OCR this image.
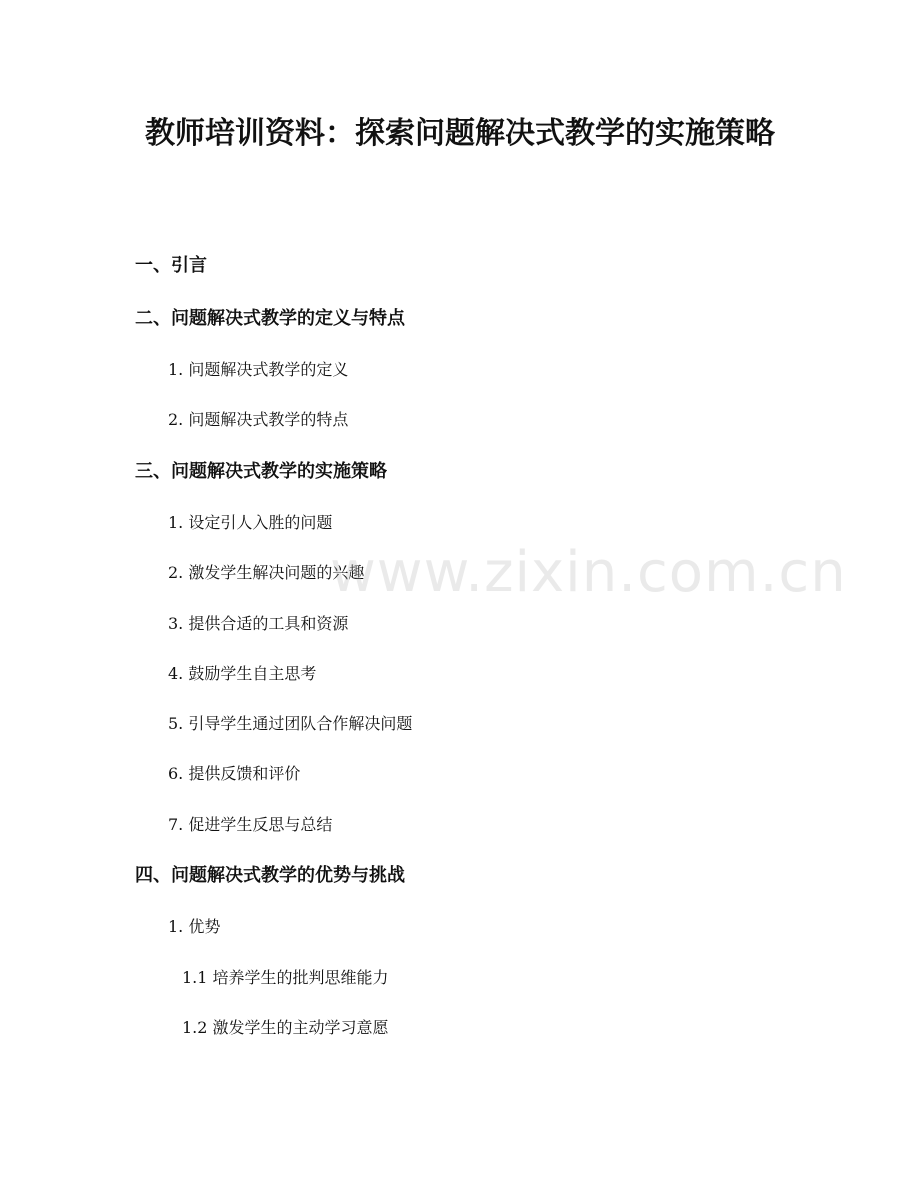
教师培训资料：探索问题解决式教学的实施策略
一、引言
二、问题解决式教学的定义与特点
1. 问题解决式教学的定义
2. 问题解决式教学的特点
三、问题解决式教学的实施策略
1. 设定引人入胜的问题
2. 激发学生解决问题的兴趣
3. 提供合适的工具和资源
4. 鼓励学生自主思考
5. 引导学生通过团队合作解决问题
6. 提供反馈和评价
7. 促进学生反思与总结
四、问题解决式教学的优势与挑战
1. 优势
1.1 培养学生的批判思维能力
1.2 激发学生的主动学习意愿
www.zixin.com.cn
